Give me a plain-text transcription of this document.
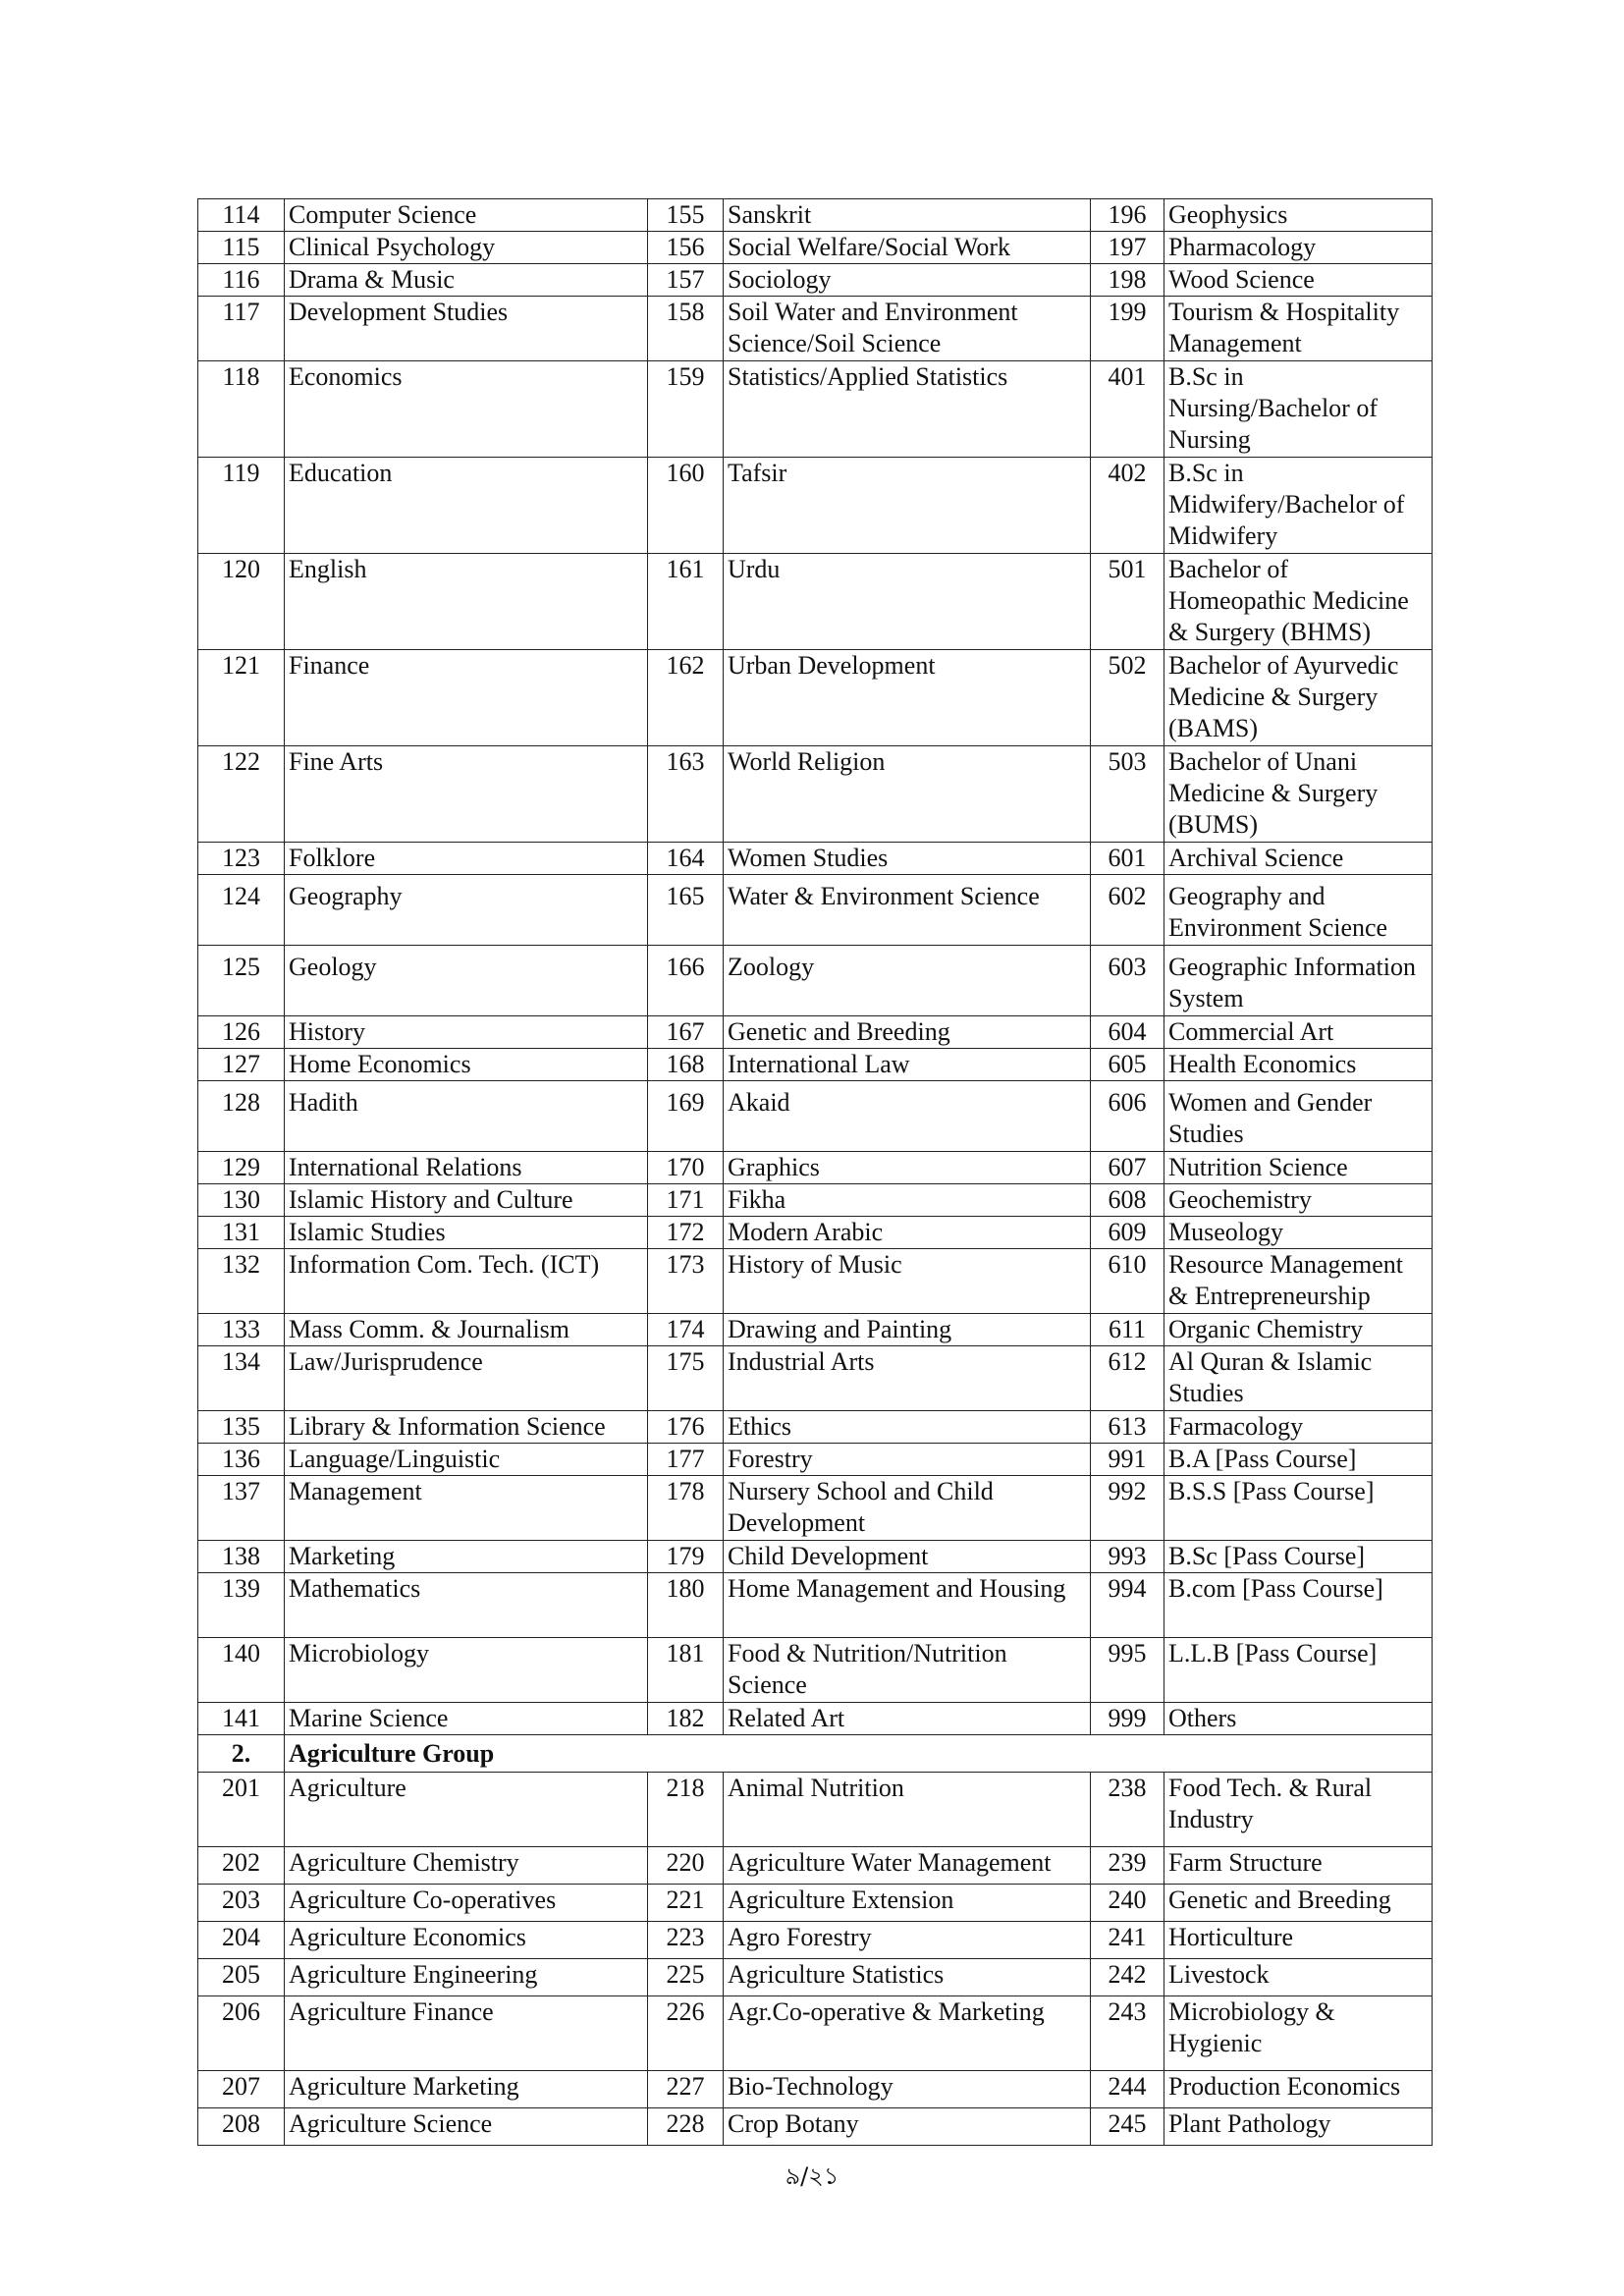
114	Computer Science	155	Sanskrit	196	Geophysics
115	Clinical Psychology	156	Social Welfare/Social Work	197	Pharmacology
116	Drama & Music	157	Sociology	198	Wood Science
117	Development Studies	158	Soil Water and Environment Science/Soil Science	199	Tourism & Hospitality Management
118	Economics	159	Statistics/Applied Statistics	401	B.Sc in Nursing/Bachelor of Nursing
119	Education	160	Tafsir	402	B.Sc in Midwifery/Bachelor of Midwifery
120	English	161	Urdu	501	Bachelor of Homeopathic Medicine & Surgery (BHMS)
121	Finance	162	Urban Development	502	Bachelor of Ayurvedic Medicine & Surgery (BAMS)
122	Fine Arts	163	World Religion	503	Bachelor of Unani Medicine & Surgery (BUMS)
123	Folklore	164	Women Studies	601	Archival Science
124	Geography	165	Water & Environment Science	602	Geography and Environment Science
125	Geology	166	Zoology	603	Geographic Information System
126	History	167	Genetic and Breeding	604	Commercial Art
127	Home Economics	168	International Law	605	Health Economics
128	Hadith	169	Akaid	606	Women and Gender Studies
129	International Relations	170	Graphics	607	Nutrition Science
130	Islamic History and Culture	171	Fikha	608	Geochemistry
131	Islamic Studies	172	Modern Arabic	609	Museology
132	Information Com. Tech. (ICT)	173	History of Music	610	Resource Management & Entrepreneurship
133	Mass Comm. & Journalism	174	Drawing and Painting	611	Organic Chemistry
134	Law/Jurisprudence	175	Industrial Arts	612	Al Quran & Islamic Studies
135	Library & Information Science	176	Ethics	613	Farmacology
136	Language/Linguistic	177	Forestry	991	B.A [Pass Course]
137	Management	178	Nursery School and Child Development	992	B.S.S [Pass Course]
138	Marketing	179	Child Development	993	B.Sc [Pass Course]
139	Mathematics	180	Home Management and Housing	994	B.com [Pass Course]
140	Microbiology	181	Food & Nutrition/Nutrition Science	995	L.L.B [Pass Course]
141	Marine Science	182	Related Art	999	Others
2.	Agriculture Group				
201	Agriculture	218	Animal Nutrition	238	Food Tech. & Rural Industry
202	Agriculture Chemistry	220	Agriculture Water Management	239	Farm Structure
203	Agriculture Co-operatives	221	Agriculture Extension	240	Genetic and Breeding
204	Agriculture Economics	223	Agro Forestry	241	Horticulture
205	Agriculture Engineering	225	Agriculture Statistics	242	Livestock
206	Agriculture Finance	226	Agr.Co-operative & Marketing	243	Microbiology & Hygienic
207	Agriculture Marketing	227	Bio-Technology	244	Production Economics
208	Agriculture Science	228	Crop Botany	245	Plant Pathology
৯/২১
